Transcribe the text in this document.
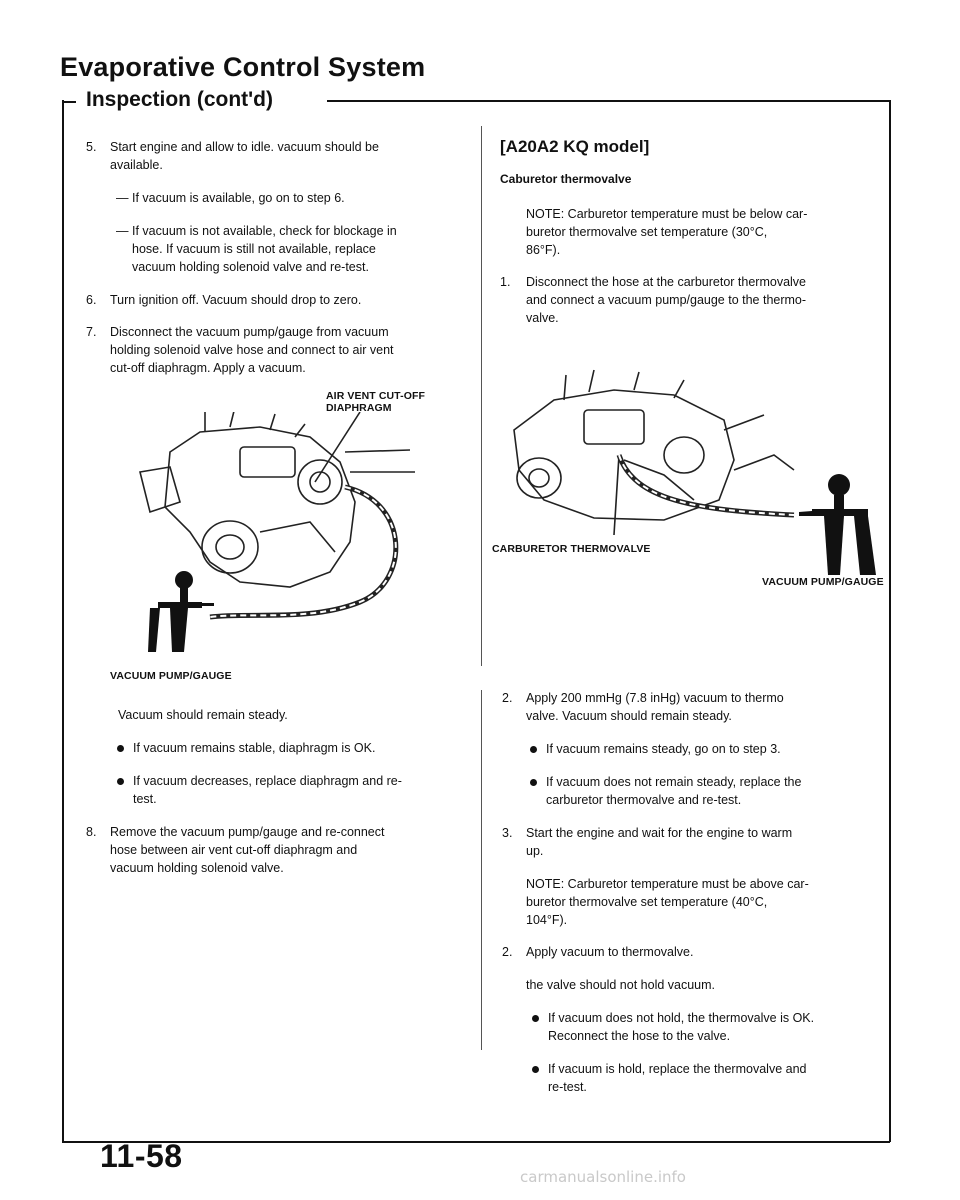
Evaporative Control System
Inspection (cont'd)
5.	Start engine and allow to idle. vacuum should be
available.
— If vacuum is available, go on to step 6.
— If vacuum is not available, check for blockage in
hose. If vacuum is still not available, replace
vacuum holding solenoid valve and re-test.
6.	Turn ignition off. Vacuum should drop to zero.
7.	Disconnect the vacuum pump/gauge from vacuum
holding solenoid valve hose and connect to air vent
cut-off diaphragm. Apply a vacuum.
AIR VENT CUT-OFF
DIAPHRAGM
VACUUM PUMP/GAUGE
Vacuum should remain steady.
If vacuum remains stable, diaphragm is OK.
If vacuum decreases, replace diaphragm and re-
test.
8.	Remove the vacuum pump/gauge and re-connect
hose between air vent cut-off diaphragm and
vacuum holding solenoid valve.
[A20A2 KQ model]
Caburetor thermovalve
NOTE: Carburetor temperature must be below car-
buretor thermovalve set temperature (30°C,
86°F).
1.	Disconnect the hose at the carburetor thermovalve
and connect a vacuum pump/gauge to the thermo-
valve.
CARBURETOR THERMOVALVE
VACUUM PUMP/GAUGE
2.	Apply 200 mmHg (7.8 inHg) vacuum to thermo
valve. Vacuum should remain steady.
If vacuum remains steady, go on to step 3.
If vacuum does not remain steady, replace the
carburetor thermovalve and re-test.
3.	Start the engine and wait for the engine to warm
up.
NOTE: Carburetor temperature must be above car-
buretor thermovalve set temperature (40°C,
104°F).
2.	Apply vacuum to thermovalve.
the valve should not hold vacuum.
If vacuum does not hold, the thermovalve is OK.
Reconnect the hose to the valve.
If vacuum is hold, replace the thermovalve and
re-test.
11-58
carmanualsonline.info
